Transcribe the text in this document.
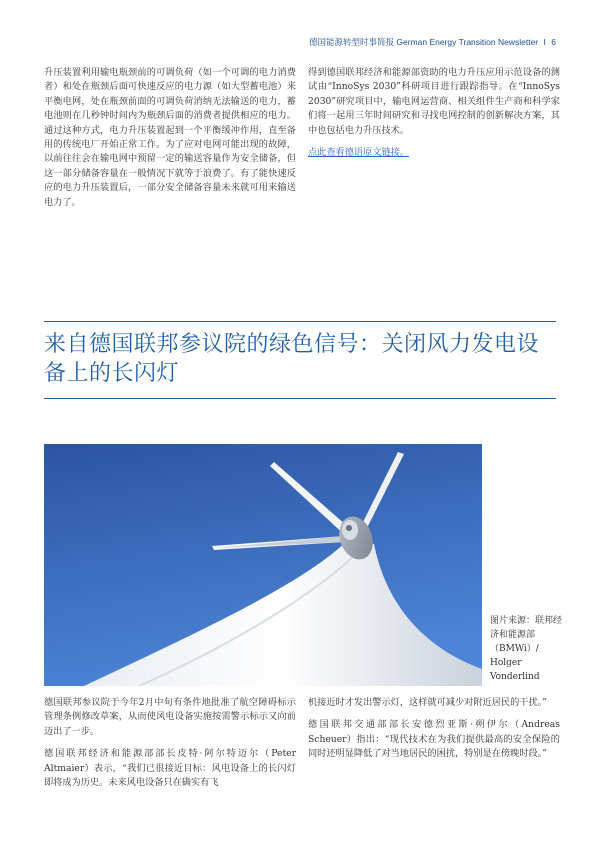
德国能源转型时事简报 German Energy Transition Newsletter I 6

升压装置利用输电瓶颈前的可调负荷（如一个可调的电力消费者）和处在瓶颈后面可快速反应的电力源（如大型蓄电池）来平衡电网，处在瓶颈前面的可调负荷消纳无法输送的电力，蓄电池则在几秒钟时间内为瓶颈后面的消费者提供相应的电力。通过这种方式，电力升压装置起到一个平衡缓冲作用，直至备用的传统电厂开始正常工作。为了应对电网可能出现的故障，以前往往会在输电网中预留一定的输送容量作为安全储备，但这一部分储备容量在一般情况下就等于浪费了。有了能快速反应的电力升压装置后，一部分安全储备容量未来就可用来输送电力了。

得到德国联邦经济和能源部资助的电力升压应用示范设备的测试由“InnoSys 2030”科研项目进行跟踪指导。在“InnoSys 2030”研究项目中，输电网运营商、相关组件生产商和科学家们将一起用三年时间研究和寻找电网控制的创新解决方案，其中也包括电力升压技术。

点此查看德语原文链接。

来自德国联邦参议院的绿色信号：关闭风力发电设备上的长闪灯
图片来源：联邦经济和能源部（BMWi）/ Holger Vonderlind

德国联邦参议院于今年2月中旬有条件地批准了航空障碍标示管理条例修改草案，从而使风电设备实施按需警示标示又向前迈出了一步。

德国联邦经济和能源部部长皮特·阿尔特迈尔（Peter Altmaier）表示，“我们已很接近目标：风电设备上的长闪灯即将成为历史。未来风电设备只在确实有飞

机接近时才发出警示灯，这样就可减少对附近居民的干扰。”

德国联邦交通部部长安德烈亚斯·朔伊尔（Andreas Scheuer）指出：“现代技术在为我们提供最高的安全保险的同时还明显降低了对当地居民的困扰，特别是在傍晚时段。”
